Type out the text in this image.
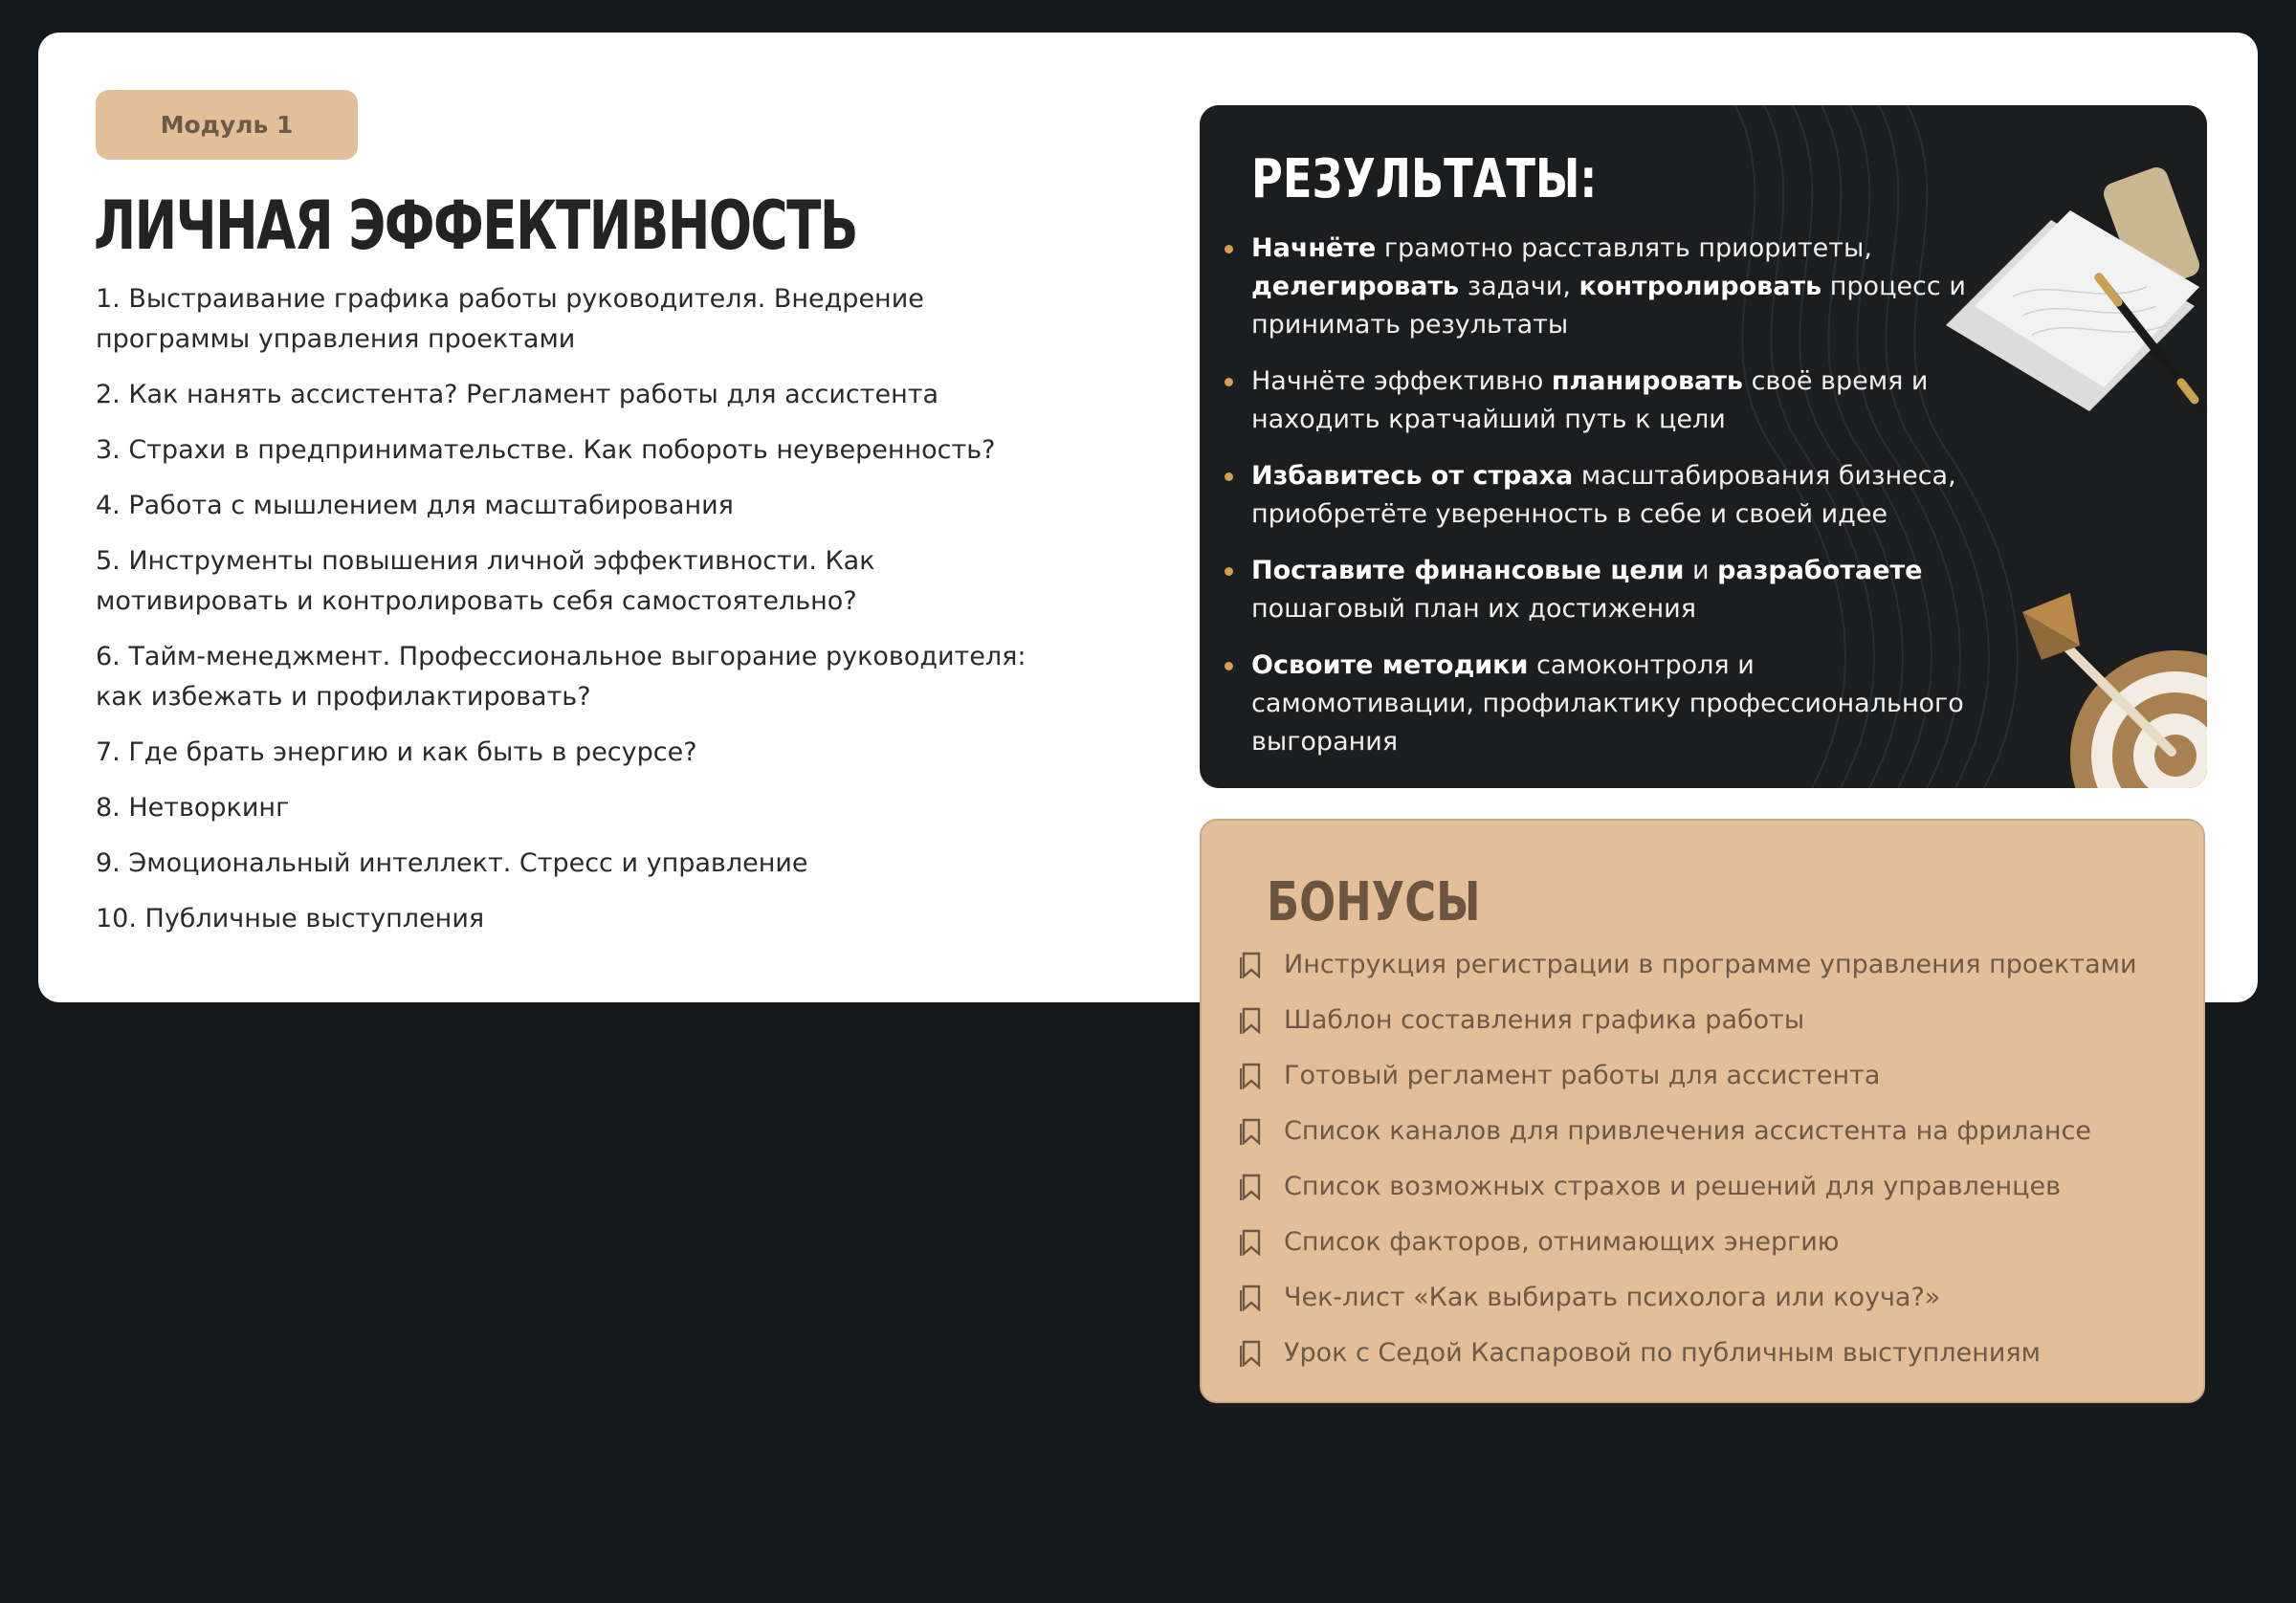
Модуль 1
ЛИЧНАЯ ЭФФЕКТИВНОСТЬ
1. Выстраивание графика работы руководителя. Внедрение программы управления проектами
2. Как нанять ассистента? Регламент работы для ассистента
3. Страхи в предпринимательстве. Как побороть неуверенность?
4. Работа с мышлением для масштабирования
5. Инструменты повышения личной эффективности. Как мотивировать и контролировать себя самостоятельно?
6. Тайм-менеджмент. Профессиональное выгорание руководителя: как избежать и профилактировать?
7. Где брать энергию и как быть в ресурсе?
8. Нетворкинг
9. Эмоциональный интеллект. Стресс и управление
10. Публичные выступления
РЕЗУЛЬТАТЫ:
Начнёте грамотно расставлять приоритеты, делегировать задачи, контролировать процесс и принимать результаты
Начнёте эффективно планировать своё время и находить кратчайший путь к цели
Избавитесь от страха масштабирования бизнеса, приобретёте уверенность в себе и своей идее
Поставите финансовые цели и разработаете пошаговый план их достижения
Освоите методики самоконтроля и самомотивации, профилактику профессионального выгорания
БОНУСЫ
Инструкция регистрации в программе управления проектами
Шаблон составления графика работы
Готовый регламент работы для ассистента
Список каналов для привлечения ассистента на фрилансе
Список возможных страхов и решений для управленцев
Список факторов, отнимающих энергию
Чек-лист «Как выбирать психолога или коуча?»
Урок с Седой Каспаровой по публичным выступлениям
